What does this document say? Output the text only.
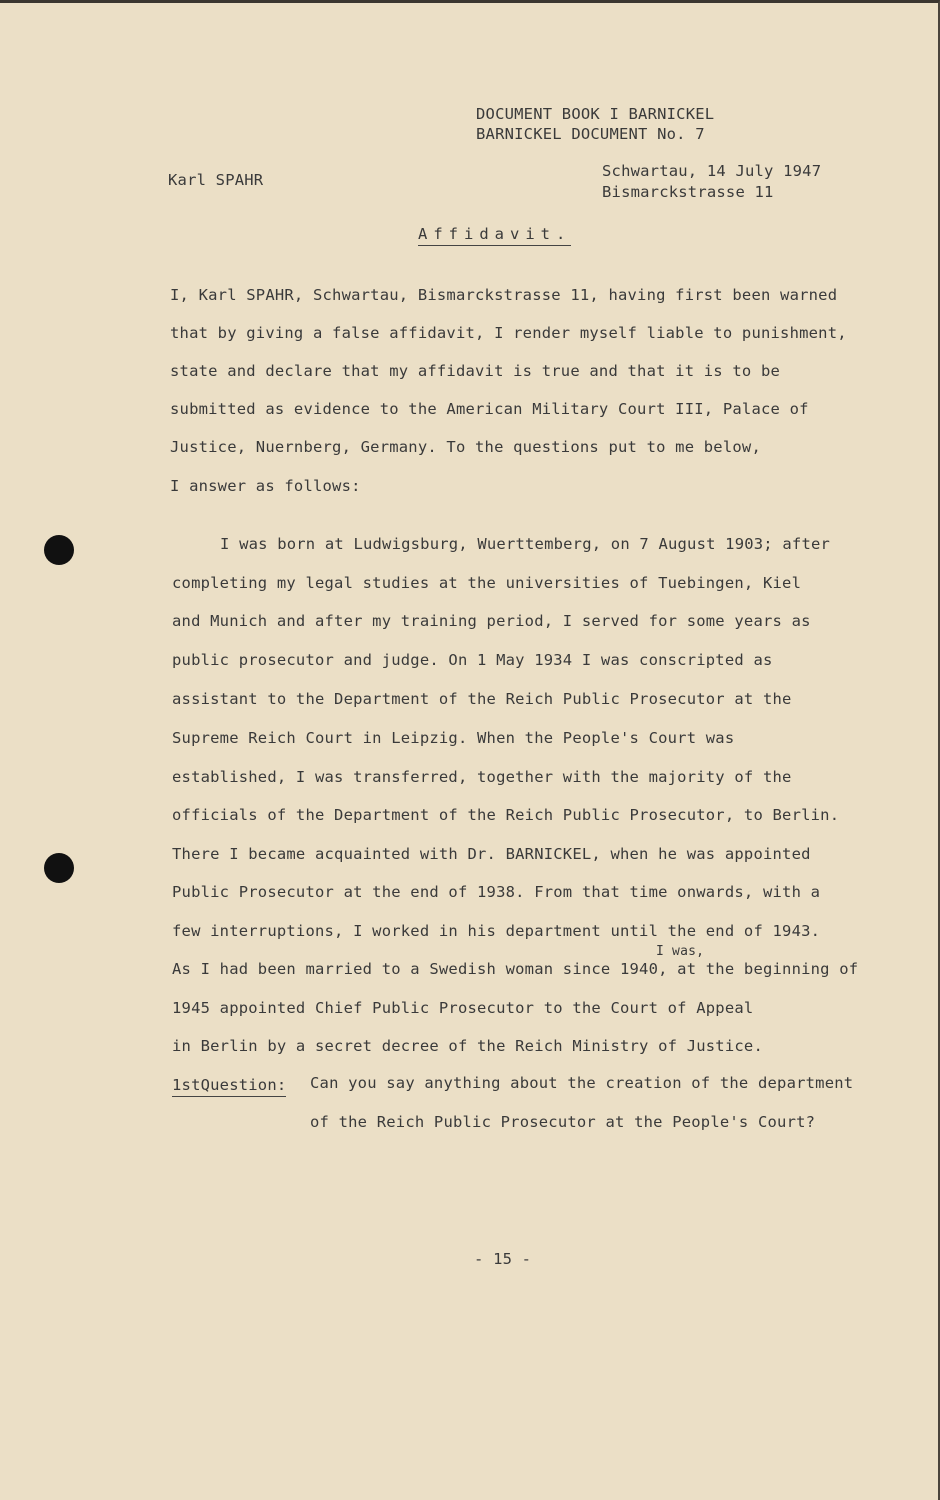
DOCUMENT BOOK I BARNICKEL
BARNICKEL DOCUMENT No. 7
Karl SPAHR	Schwartau, 14 July 1947
Bismarckstrasse 11
Affidavit.
I, Karl SPAHR, Schwartau, Bismarckstrasse 11, having first been warned
that by giving a false affidavit, I render myself liable to punishment,
state and declare that my affidavit is true and that it is to be
submitted as evidence to the American Military Court III, Palace of
Justice, Nuernberg, Germany. To the questions put to me below,
I answer as follows:
I was born at Ludwigsburg, Wuerttemberg, on 7 August 1903; after
completing my legal studies at the universities of Tuebingen, Kiel
and Munich and after my training period, I served for some years as
public prosecutor and judge. On 1 May 1934 I was conscripted as
assistant to the Department of the Reich Public Prosecutor at the
Supreme Reich Court in Leipzig. When the People's Court was
established, I was transferred, together with the majority of the
officials of the Department of the Reich Public Prosecutor, to Berlin.
There I became acquainted with Dr. BARNICKEL, when he was appointed
Public Prosecutor at the end of 1938. From that time onwards, with a
few interruptions, I worked in his department until the end of 1943.
I was,
As I had been married to a Swedish woman since 1940, at the beginning of
1945 appointed Chief Public Prosecutor to the Court of Appeal
in Berlin by a secret decree of the Reich Ministry of Justice.
1stQuestion: Can you say anything about the creation of the department
of the Reich Public Prosecutor at the People's Court?
- 15 -
